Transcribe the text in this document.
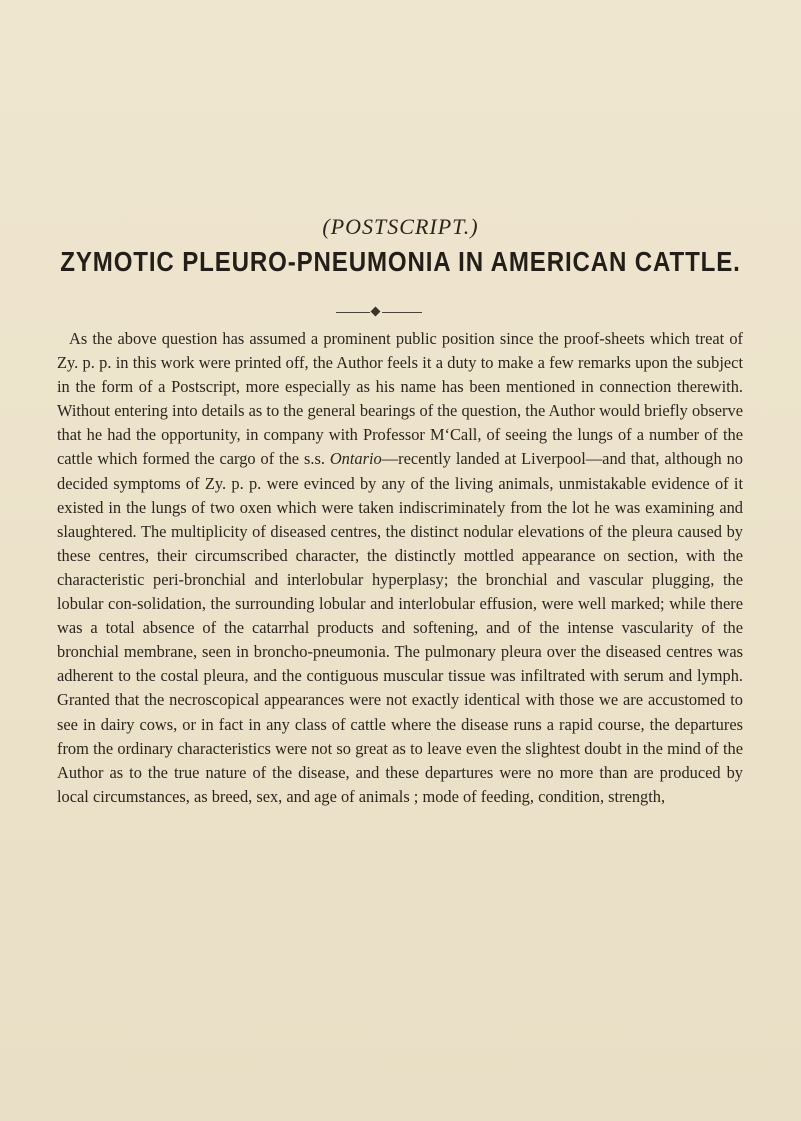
(POSTSCRIPT.)
ZYMOTIC PLEURO-PNEUMONIA IN AMERICAN CATTLE.

As the above question has assumed a prominent public position since the proof-sheets which treat of Zy. p. p. in this work were printed off, the Author feels it a duty to make a few remarks upon the subject in the form of a Postscript, more especially as his name has been mentioned in connection therewith. Without entering into details as to the general bearings of the question, the Author would briefly observe that he had the opportunity, in company with Professor M‘Call, of seeing the lungs of a number of the cattle which formed the cargo of the s.s. Ontario—recently landed at Liverpool—and that, although no decided symptoms of Zy. p. p. were evinced by any of the living animals, unmistakable evidence of it existed in the lungs of two oxen which were taken indiscriminately from the lot he was examining and slaughtered. The multiplicity of diseased centres, the distinct nodular elevations of the pleura caused by these centres, their circumscribed character, the distinctly mottled appearance on section, with the characteristic peri-bronchial and interlobular hyperplasy; the bronchial and vascular plugging, the lobular con-solidation, the surrounding lobular and interlobular effusion, were well marked; while there was a total absence of the catarrhal products and softening, and of the intense vascularity of the bronchial membrane, seen in broncho-pneumonia. The pulmonary pleura over the diseased centres was adherent to the costal pleura, and the contiguous muscular tissue was infiltrated with serum and lymph. Granted that the necroscopical appearances were not exactly identical with those we are accustomed to see in dairy cows, or in fact in any class of cattle where the disease runs a rapid course, the departures from the ordinary characteristics were not so great as to leave even the slightest doubt in the mind of the Author as to the true nature of the disease, and these departures were no more than are produced by local circumstances, as breed, sex, and age of animals ; mode of feeding, condition, strength,
